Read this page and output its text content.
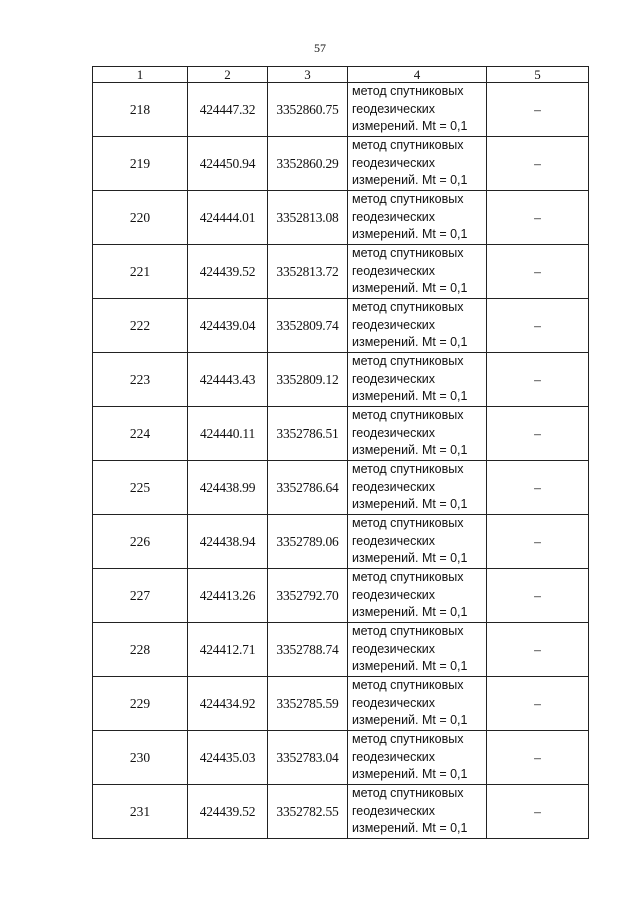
57
1	2	3	4	5
218	424447.32	3352860.75	метод спутниковых
геодезических
измерений. Mt = 0,1	–
219	424450.94	3352860.29	метод спутниковых
геодезических
измерений. Mt = 0,1	–
220	424444.01	3352813.08	метод спутниковых
геодезических
измерений. Mt = 0,1	–
221	424439.52	3352813.72	метод спутниковых
геодезических
измерений. Mt = 0,1	–
222	424439.04	3352809.74	метод спутниковых
геодезических
измерений. Mt = 0,1	–
223	424443.43	3352809.12	метод спутниковых
геодезических
измерений. Mt = 0,1	–
224	424440.11	3352786.51	метод спутниковых
геодезических
измерений. Mt = 0,1	–
225	424438.99	3352786.64	метод спутниковых
геодезических
измерений. Mt = 0,1	–
226	424438.94	3352789.06	метод спутниковых
геодезических
измерений. Mt = 0,1	–
227	424413.26	3352792.70	метод спутниковых
геодезических
измерений. Mt = 0,1	–
228	424412.71	3352788.74	метод спутниковых
геодезических
измерений. Mt = 0,1	–
229	424434.92	3352785.59	метод спутниковых
геодезических
измерений. Mt = 0,1	–
230	424435.03	3352783.04	метод спутниковых
геодезических
измерений. Mt = 0,1	–
231	424439.52	3352782.55	метод спутниковых
геодезических
измерений. Mt = 0,1	–
